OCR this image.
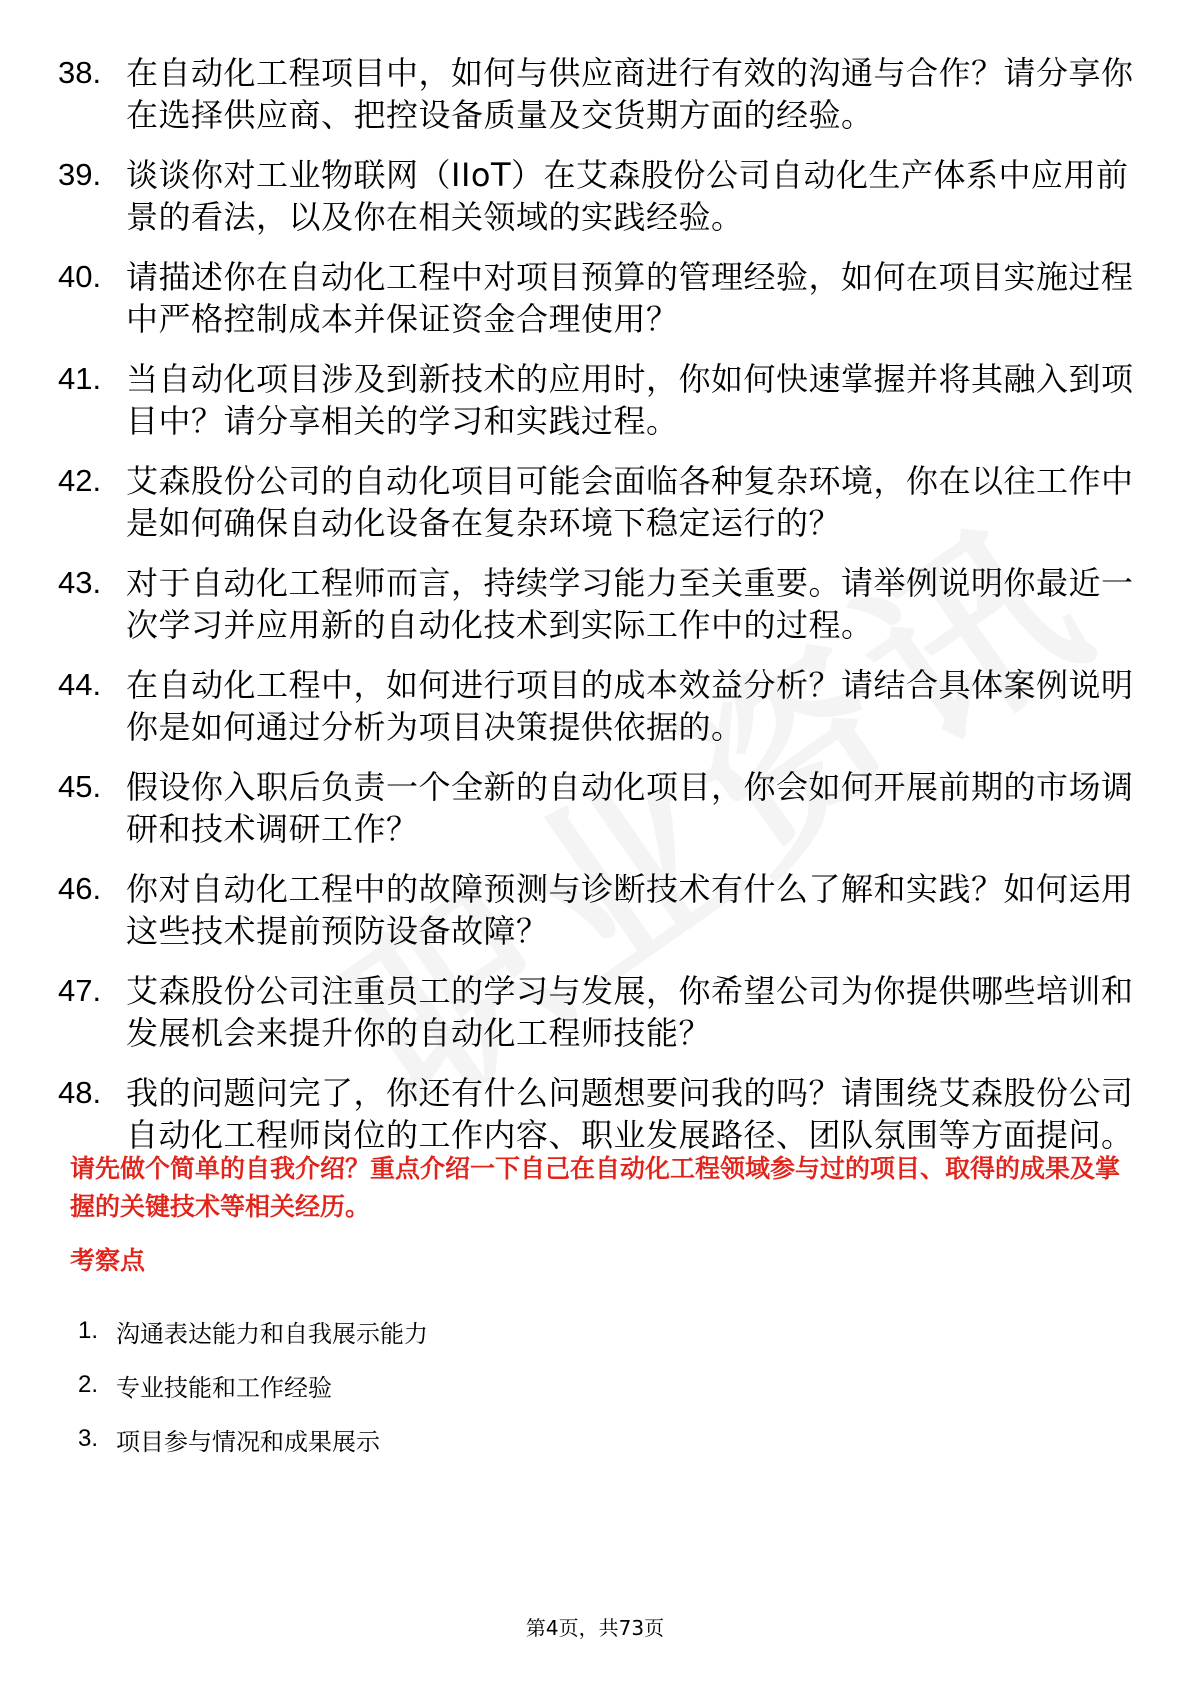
38. 在自动化工程项目中，如何与供应商进行有效的沟通与合作？请分享你在选择供应商、把控设备质量及交货期方面的经验。
39. 谈谈你对工业物联网（IIoT）在艾森股份公司自动化生产体系中应用前景的看法，以及你在相关领域的实践经验。
40. 请描述你在自动化工程中对项目预算的管理经验，如何在项目实施过程中严格控制成本并保证资金合理使用？
41. 当自动化项目涉及到新技术的应用时，你如何快速掌握并将其融入到项目中？请分享相关的学习和实践过程。
42. 艾森股份公司的自动化项目可能会面临各种复杂环境，你在以往工作中是如何确保自动化设备在复杂环境下稳定运行的？
43. 对于自动化工程师而言，持续学习能力至关重要。请举例说明你最近一次学习并应用新的自动化技术到实际工作中的过程。
44. 在自动化工程中，如何进行项目的成本效益分析？请结合具体案例说明你是如何通过分析为项目决策提供依据的。
45. 假设你入职后负责一个全新的自动化项目，你会如何开展前期的市场调研和技术调研工作？
46. 你对自动化工程中的故障预测与诊断技术有什么了解和实践？如何运用这些技术提前预防设备故障？
47. 艾森股份公司注重员工的学习与发展，你希望公司为你提供哪些培训和发展机会来提升你的自动化工程师技能？
48. 我的问题问完了，你还有什么问题想要问我的吗？请围绕艾森股份公司自动化工程师岗位的工作内容、职业发展路径、团队氛围等方面提问。

请先做个简单的自我介绍？重点介绍一下自己在自动化工程领域参与过的项目、取得的成果及掌握的关键技术等相关经历。

考察点
1. 沟通表达能力和自我展示能力
2. 专业技能和工作经验
3. 项目参与情况和成果展示
第4页，共73页
